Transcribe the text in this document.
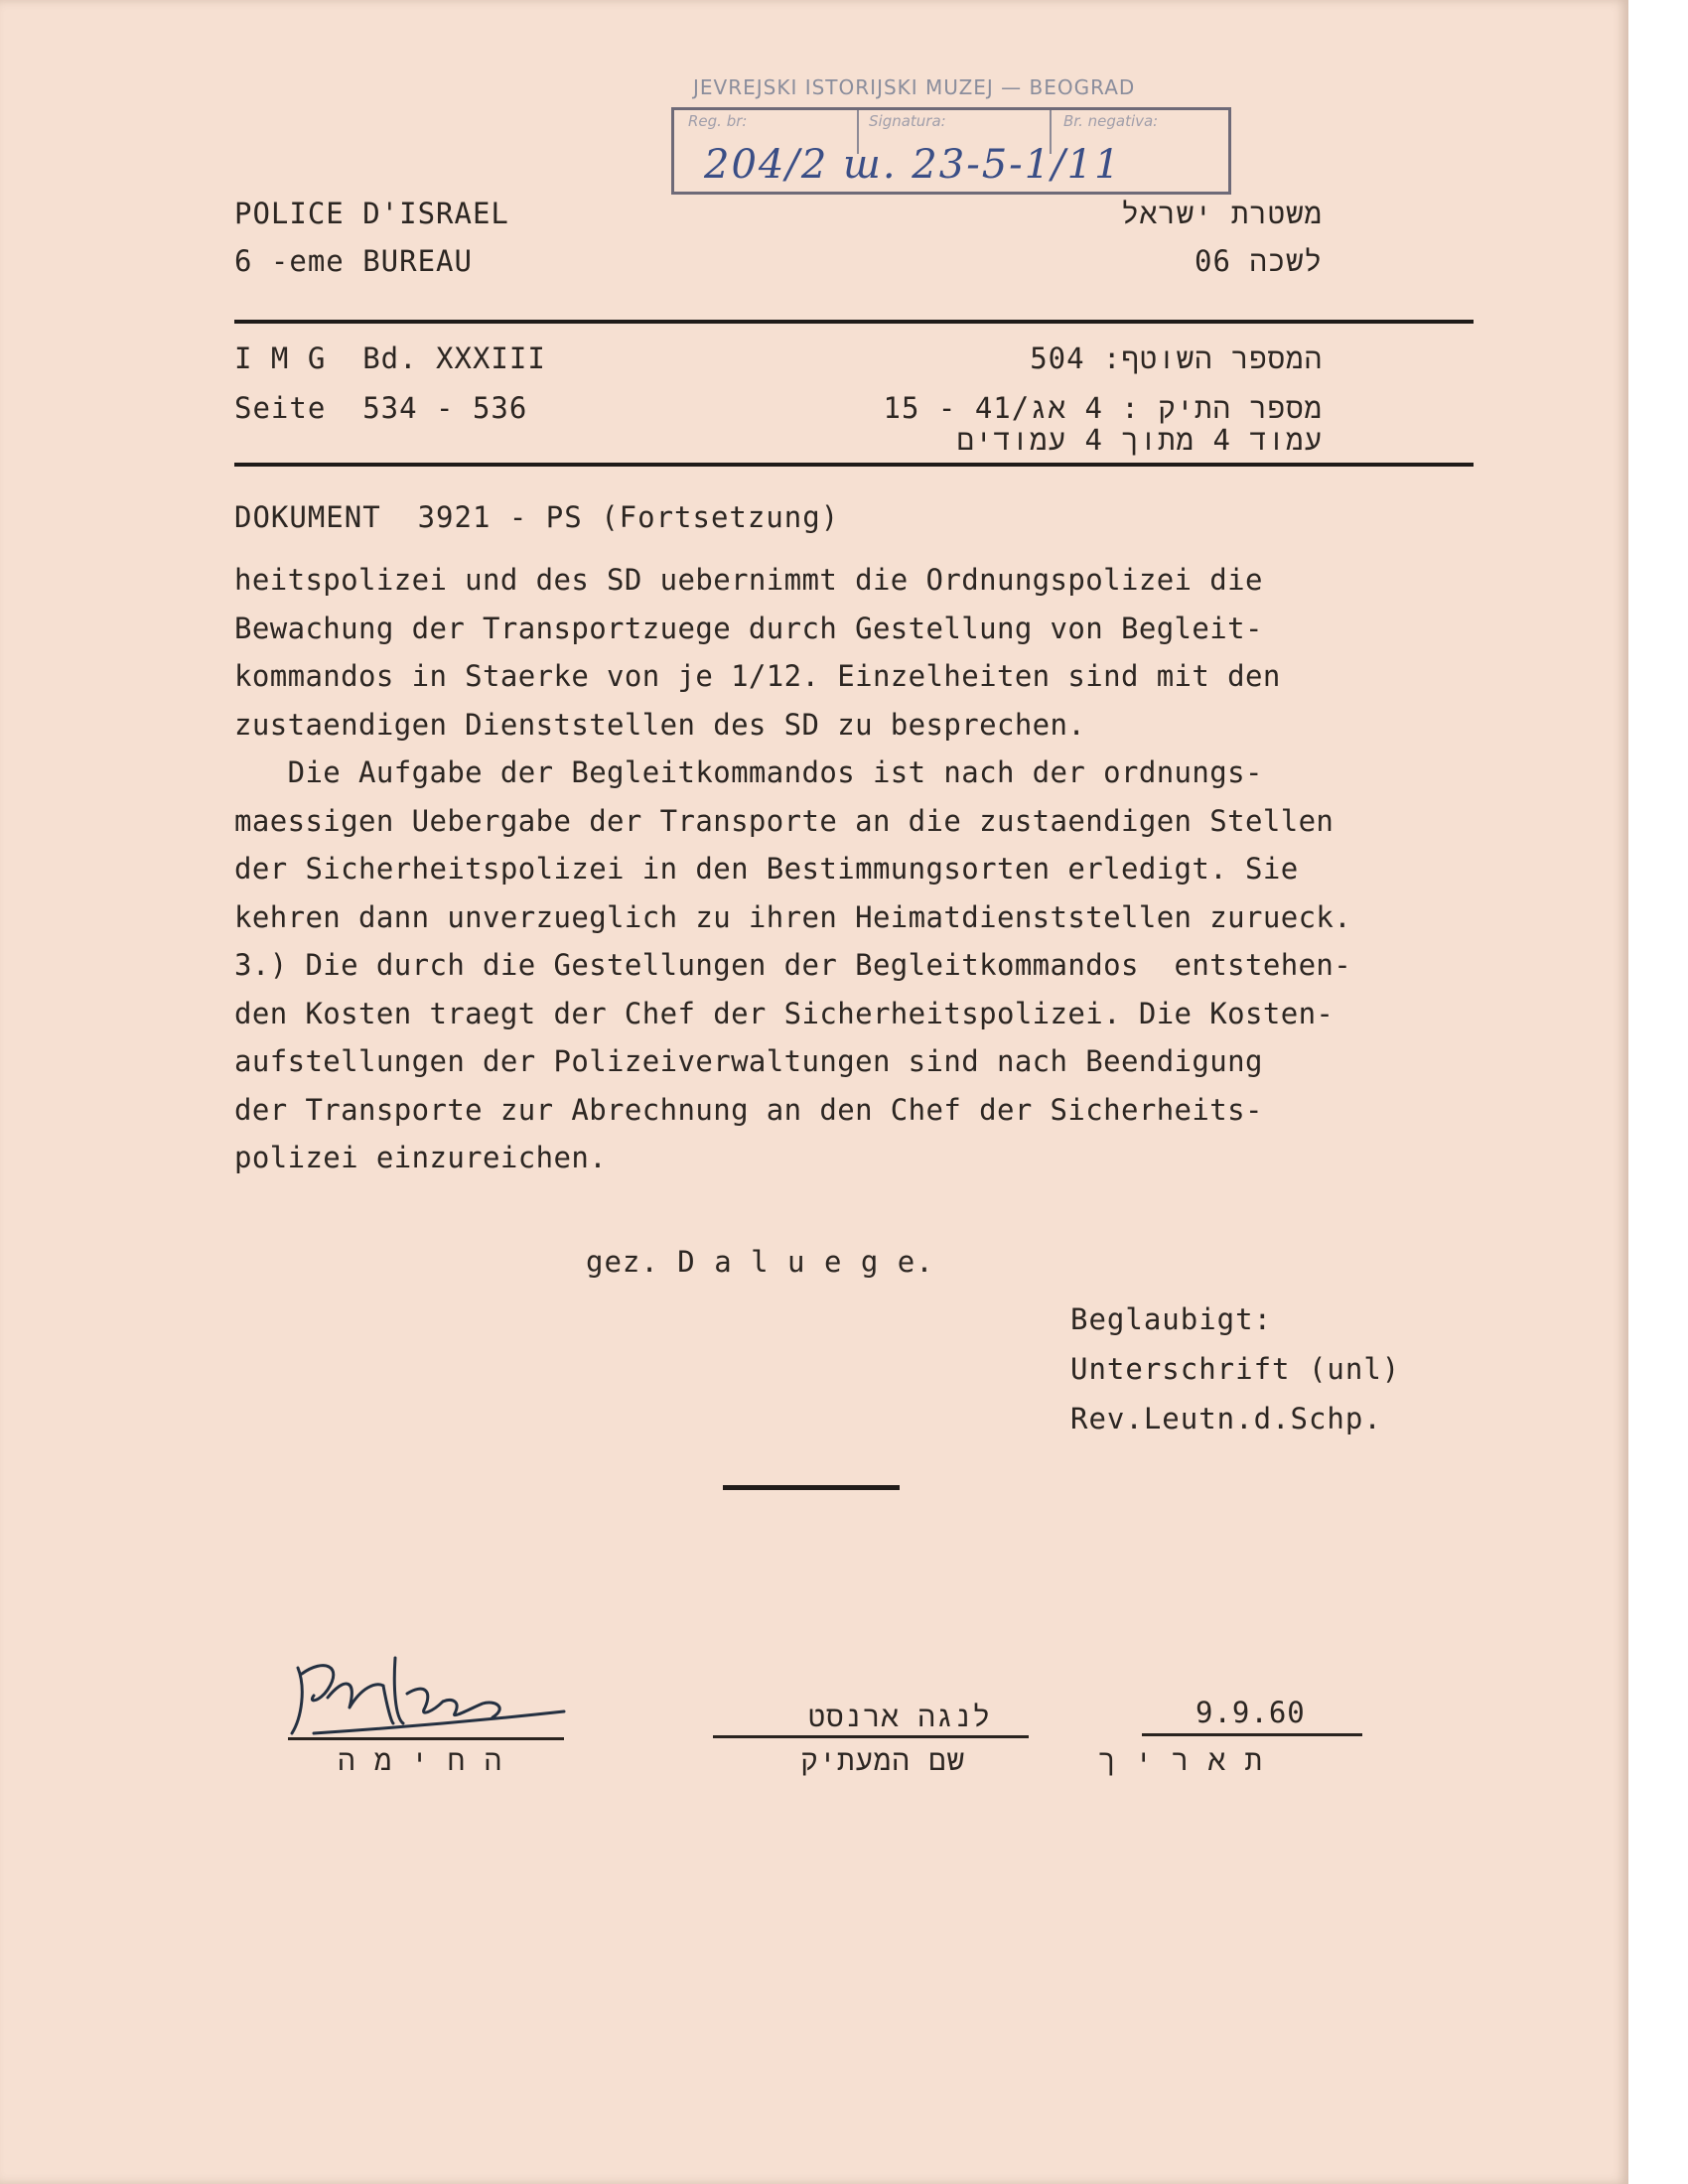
JEVREJSKI ISTORIJSKI MUZEJ — BEOGRAD
Reg. br:	Signatura:	Br. negativa:
204/2 ш. 23-5-1/11
POLICE D'ISRAEL
6 -eme BUREAU
משטרת ישראל
לשכה 06
I M G  Bd. XXXIII
Seite  534 - 536
המספר השוטף: 504
מספר התיק : 4 אג/41 - 15
עמוד 4 מתוך 4 עמודים
DOKUMENT  3921 - PS (Fortsetzung)
heitspolizei und des SD uebernimmt die Ordnungspolizei die
Bewachung der Transportzuege durch Gestellung von Begleit-
kommandos in Staerke von je 1/12. Einzelheiten sind mit den
zustaendigen Dienststellen des SD zu besprechen.
Die Aufgabe der Begleitkommandos ist nach der ordnungs-
maessigen Uebergabe der Transporte an die zustaendigen Stellen
der Sicherheitspolizei in den Bestimmungsorten erledigt. Sie
kehren dann unverzueglich zu ihren Heimatdienststellen zurueck.
3.) Die durch die Gestellungen der Begleitkommandos  entstehen-
den Kosten traegt der Chef der Sicherheitspolizei. Die Kosten-
aufstellungen der Polizeiverwaltungen sind nach Beendigung
der Transporte zur Abrechnung an den Chef der Sicherheits-
polizei einzureichen.
gez. D a l u e g e.
Beglaubigt:
Unterschrift (unl)
Rev.Leutn.d.Schp.
ה ח י מ ה
לנגה ארנסט
שם המעתיק
9.9.60
ת א ר י ך
